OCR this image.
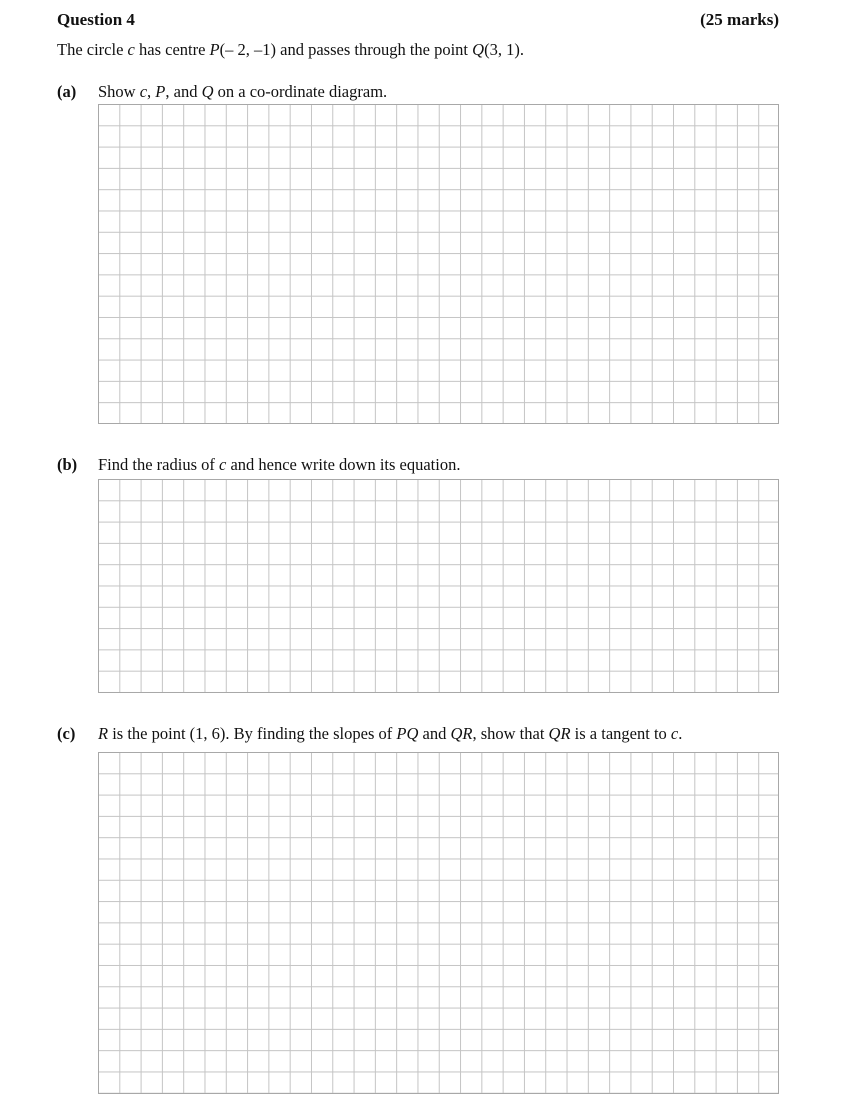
Question 4	(25 marks)
The circle c has centre P(– 2, –1) and passes through the point Q(3, 1).
(a) Show c, P, and Q on a co-ordinate diagram.
(b) Find the radius of c and hence write down its equation.
(c) R is the point (1, 6). By finding the slopes of PQ and QR, show that QR is a tangent to c.
